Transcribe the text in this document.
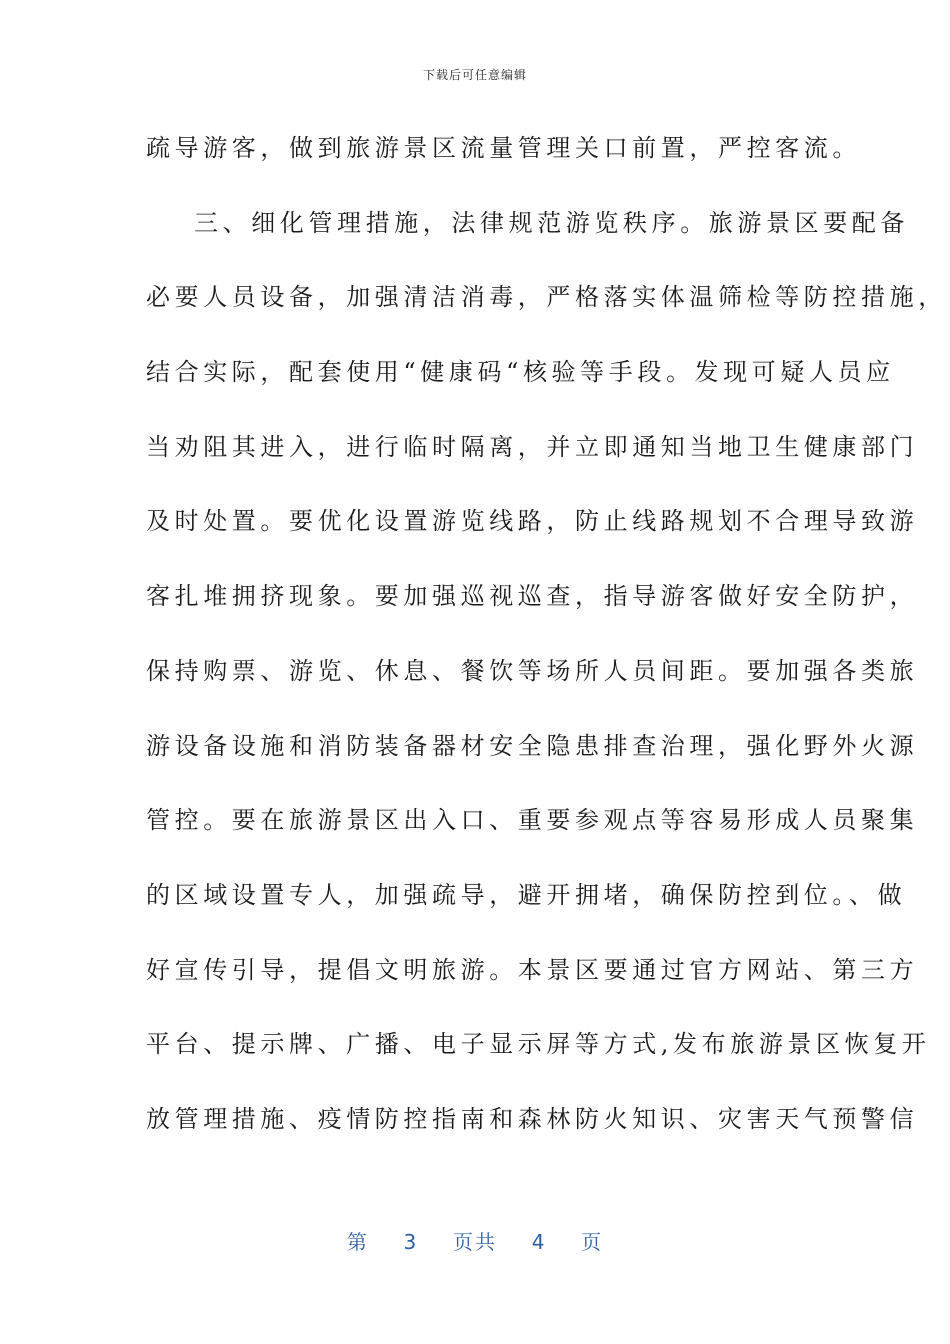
下载后可任意编辑
疏导游客，做到旅游景区流量管理关口前置，严控客流。
三、细化管理措施，法律规范游览秩序。旅游景区要配备
必要人员设备，加强清洁消毒，严格落实体温筛检等防控措施，
结合实际，配套使用“健康码“核验等手段。发现可疑人员应
当劝阻其进入，进行临时隔离，并立即通知当地卫生健康部门
及时处置。要优化设置游览线路，防止线路规划不合理导致游
客扎堆拥挤现象。要加强巡视巡查，指导游客做好安全防护，
保持购票、游览、休息、餐饮等场所人员间距。要加强各类旅
游设备设施和消防装备器材安全隐患排查治理，强化野外火源
管控。要在旅游景区出入口、重要参观点等容易形成人员聚集
的区域设置专人，加强疏导，避开拥堵，确保防控到位。、做
好宣传引导，提倡文明旅游。本景区要通过官方网站、第三方
平台、提示牌、广播、电子显示屏等方式,发布旅游景区恢复开
放管理措施、疫情防控指南和森林防火知识、灾害天气预警信
第 3 页共 4 页
